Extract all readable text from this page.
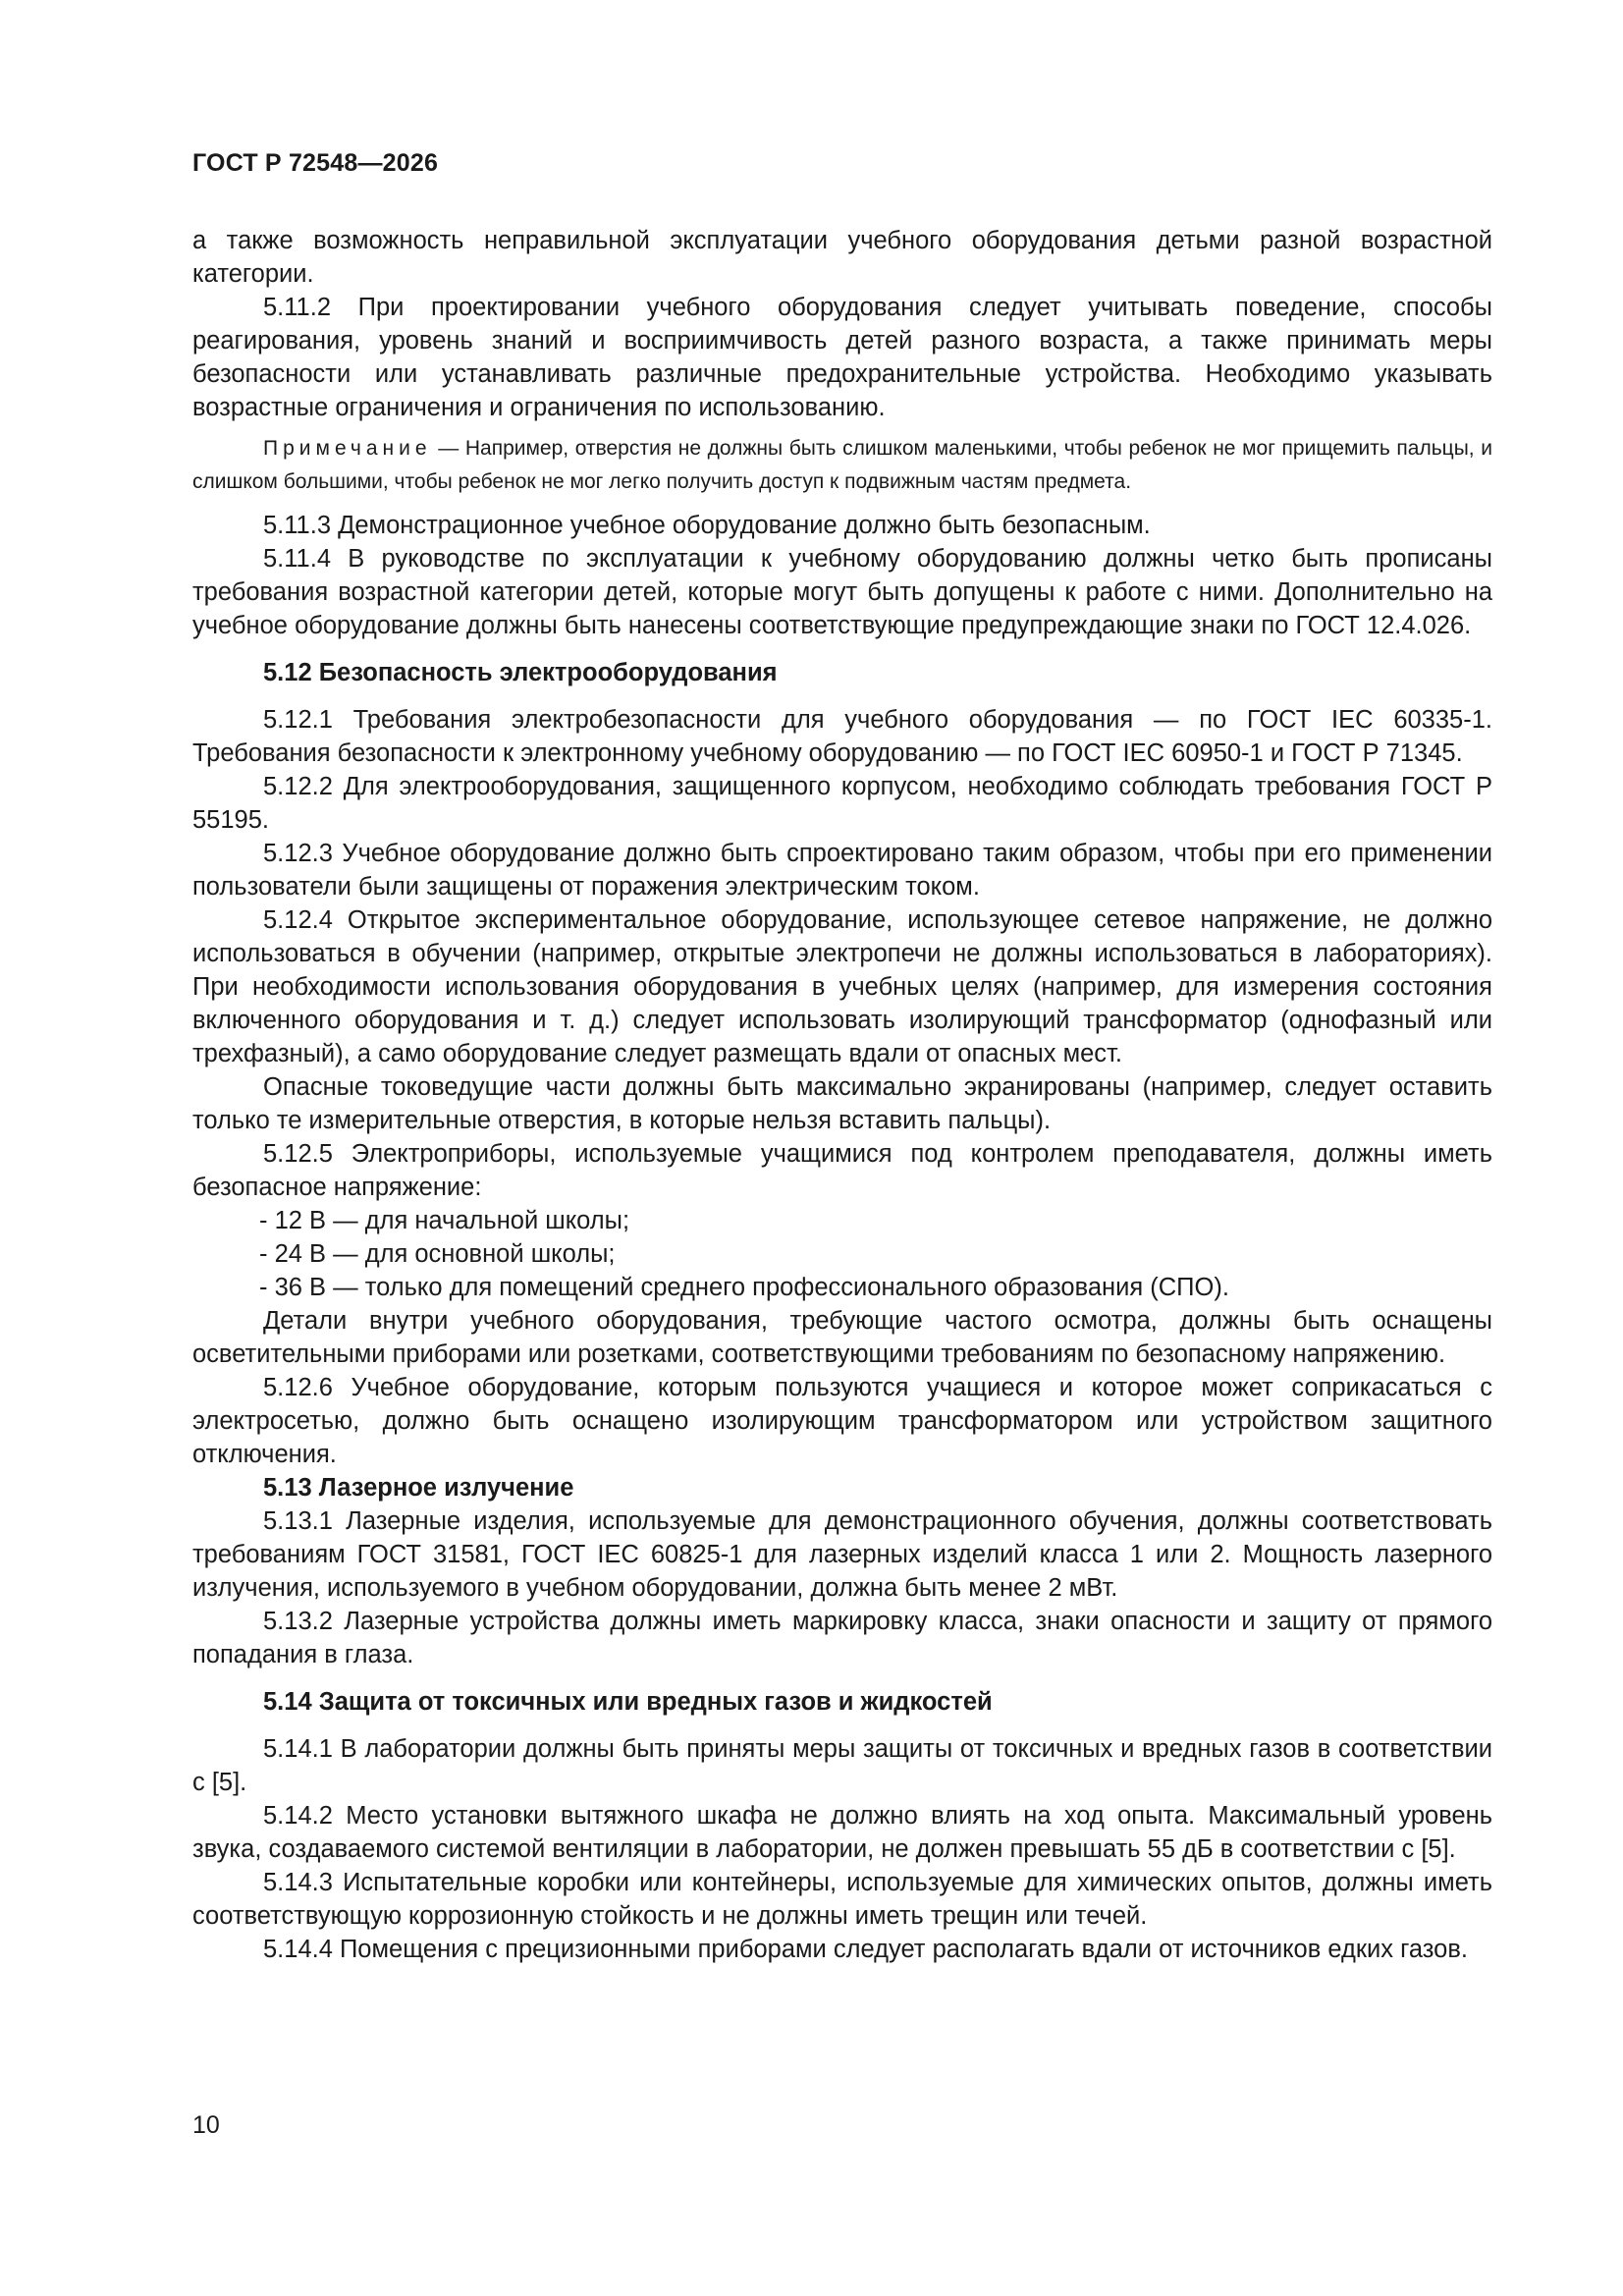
ГОСТ Р 72548—2026

а также возможность неправильной эксплуатации учебного оборудования детьми разной возрастной категории.

5.11.2 При проектировании учебного оборудования следует учитывать поведение, способы реагирования, уровень знаний и восприимчивость детей разного возраста, а также принимать меры безопасности или устанавливать различные предохранительные устройства. Необходимо указывать возрастные ограничения и ограничения по использованию.

Примечание — Например, отверстия не должны быть слишком маленькими, чтобы ребенок не мог прищемить пальцы, и слишком большими, чтобы ребенок не мог легко получить доступ к подвижным частям предмета.

5.11.3 Демонстрационное учебное оборудование должно быть безопасным.

5.11.4 В руководстве по эксплуатации к учебному оборудованию должны четко быть прописаны требования возрастной категории детей, которые могут быть допущены к работе с ними. Дополнительно на учебное оборудование должны быть нанесены соответствующие предупреждающие знаки по ГОСТ 12.4.026.

5.12 Безопасность электрооборудования

5.12.1 Требования электробезопасности для учебного оборудования — по ГОСТ IEC 60335-1. Требования безопасности к электронному учебному оборудованию — по ГОСТ IEC 60950-1 и ГОСТ Р 71345.

5.12.2 Для электрооборудования, защищенного корпусом, необходимо соблюдать требования ГОСТ Р 55195.

5.12.3 Учебное оборудование должно быть спроектировано таким образом, чтобы при его применении пользователи были защищены от поражения электрическим током.

5.12.4 Открытое экспериментальное оборудование, использующее сетевое напряжение, не должно использоваться в обучении (например, открытые электропечи не должны использоваться в лабораториях). При необходимости использования оборудования в учебных целях (например, для измерения состояния включенного оборудования и т. д.) следует использовать изолирующий трансформатор (однофазный или трехфазный), а само оборудование следует размещать вдали от опасных мест.

Опасные токоведущие части должны быть максимально экранированы (например, следует оставить только те измерительные отверстия, в которые нельзя вставить пальцы).

5.12.5 Электроприборы, используемые учащимися под контролем преподавателя, должны иметь безопасное напряжение:

- 12 В — для начальной школы;

- 24 В — для основной школы;

- 36 В — только для помещений среднего профессионального образования (СПО).

Детали внутри учебного оборудования, требующие частого осмотра, должны быть оснащены осветительными приборами или розетками, соответствующими требованиям по безопасному напряжению.

5.12.6 Учебное оборудование, которым пользуются учащиеся и которое может соприкасаться с электросетью, должно быть оснащено изолирующим трансформатором или устройством защитного отключения.

5.13 Лазерное излучение

5.13.1 Лазерные изделия, используемые для демонстрационного обучения, должны соответствовать требованиям ГОСТ 31581, ГОСТ IEC 60825-1 для лазерных изделий класса 1 или 2. Мощность лазерного излучения, используемого в учебном оборудовании, должна быть менее 2 мВт.

5.13.2 Лазерные устройства должны иметь маркировку класса, знаки опасности и защиту от прямого попадания в глаза.

5.14 Защита от токсичных или вредных газов и жидкостей

5.14.1 В лаборатории должны быть приняты меры защиты от токсичных и вредных газов в соответствии с [5].

5.14.2 Место установки вытяжного шкафа не должно влиять на ход опыта. Максимальный уровень звука, создаваемого системой вентиляции в лаборатории, не должен превышать 55 дБ в соответствии с [5].

5.14.3 Испытательные коробки или контейнеры, используемые для химических опытов, должны иметь соответствующую коррозионную стойкость и не должны иметь трещин или течей.

5.14.4 Помещения с прецизионными приборами следует располагать вдали от источников едких газов.

10
